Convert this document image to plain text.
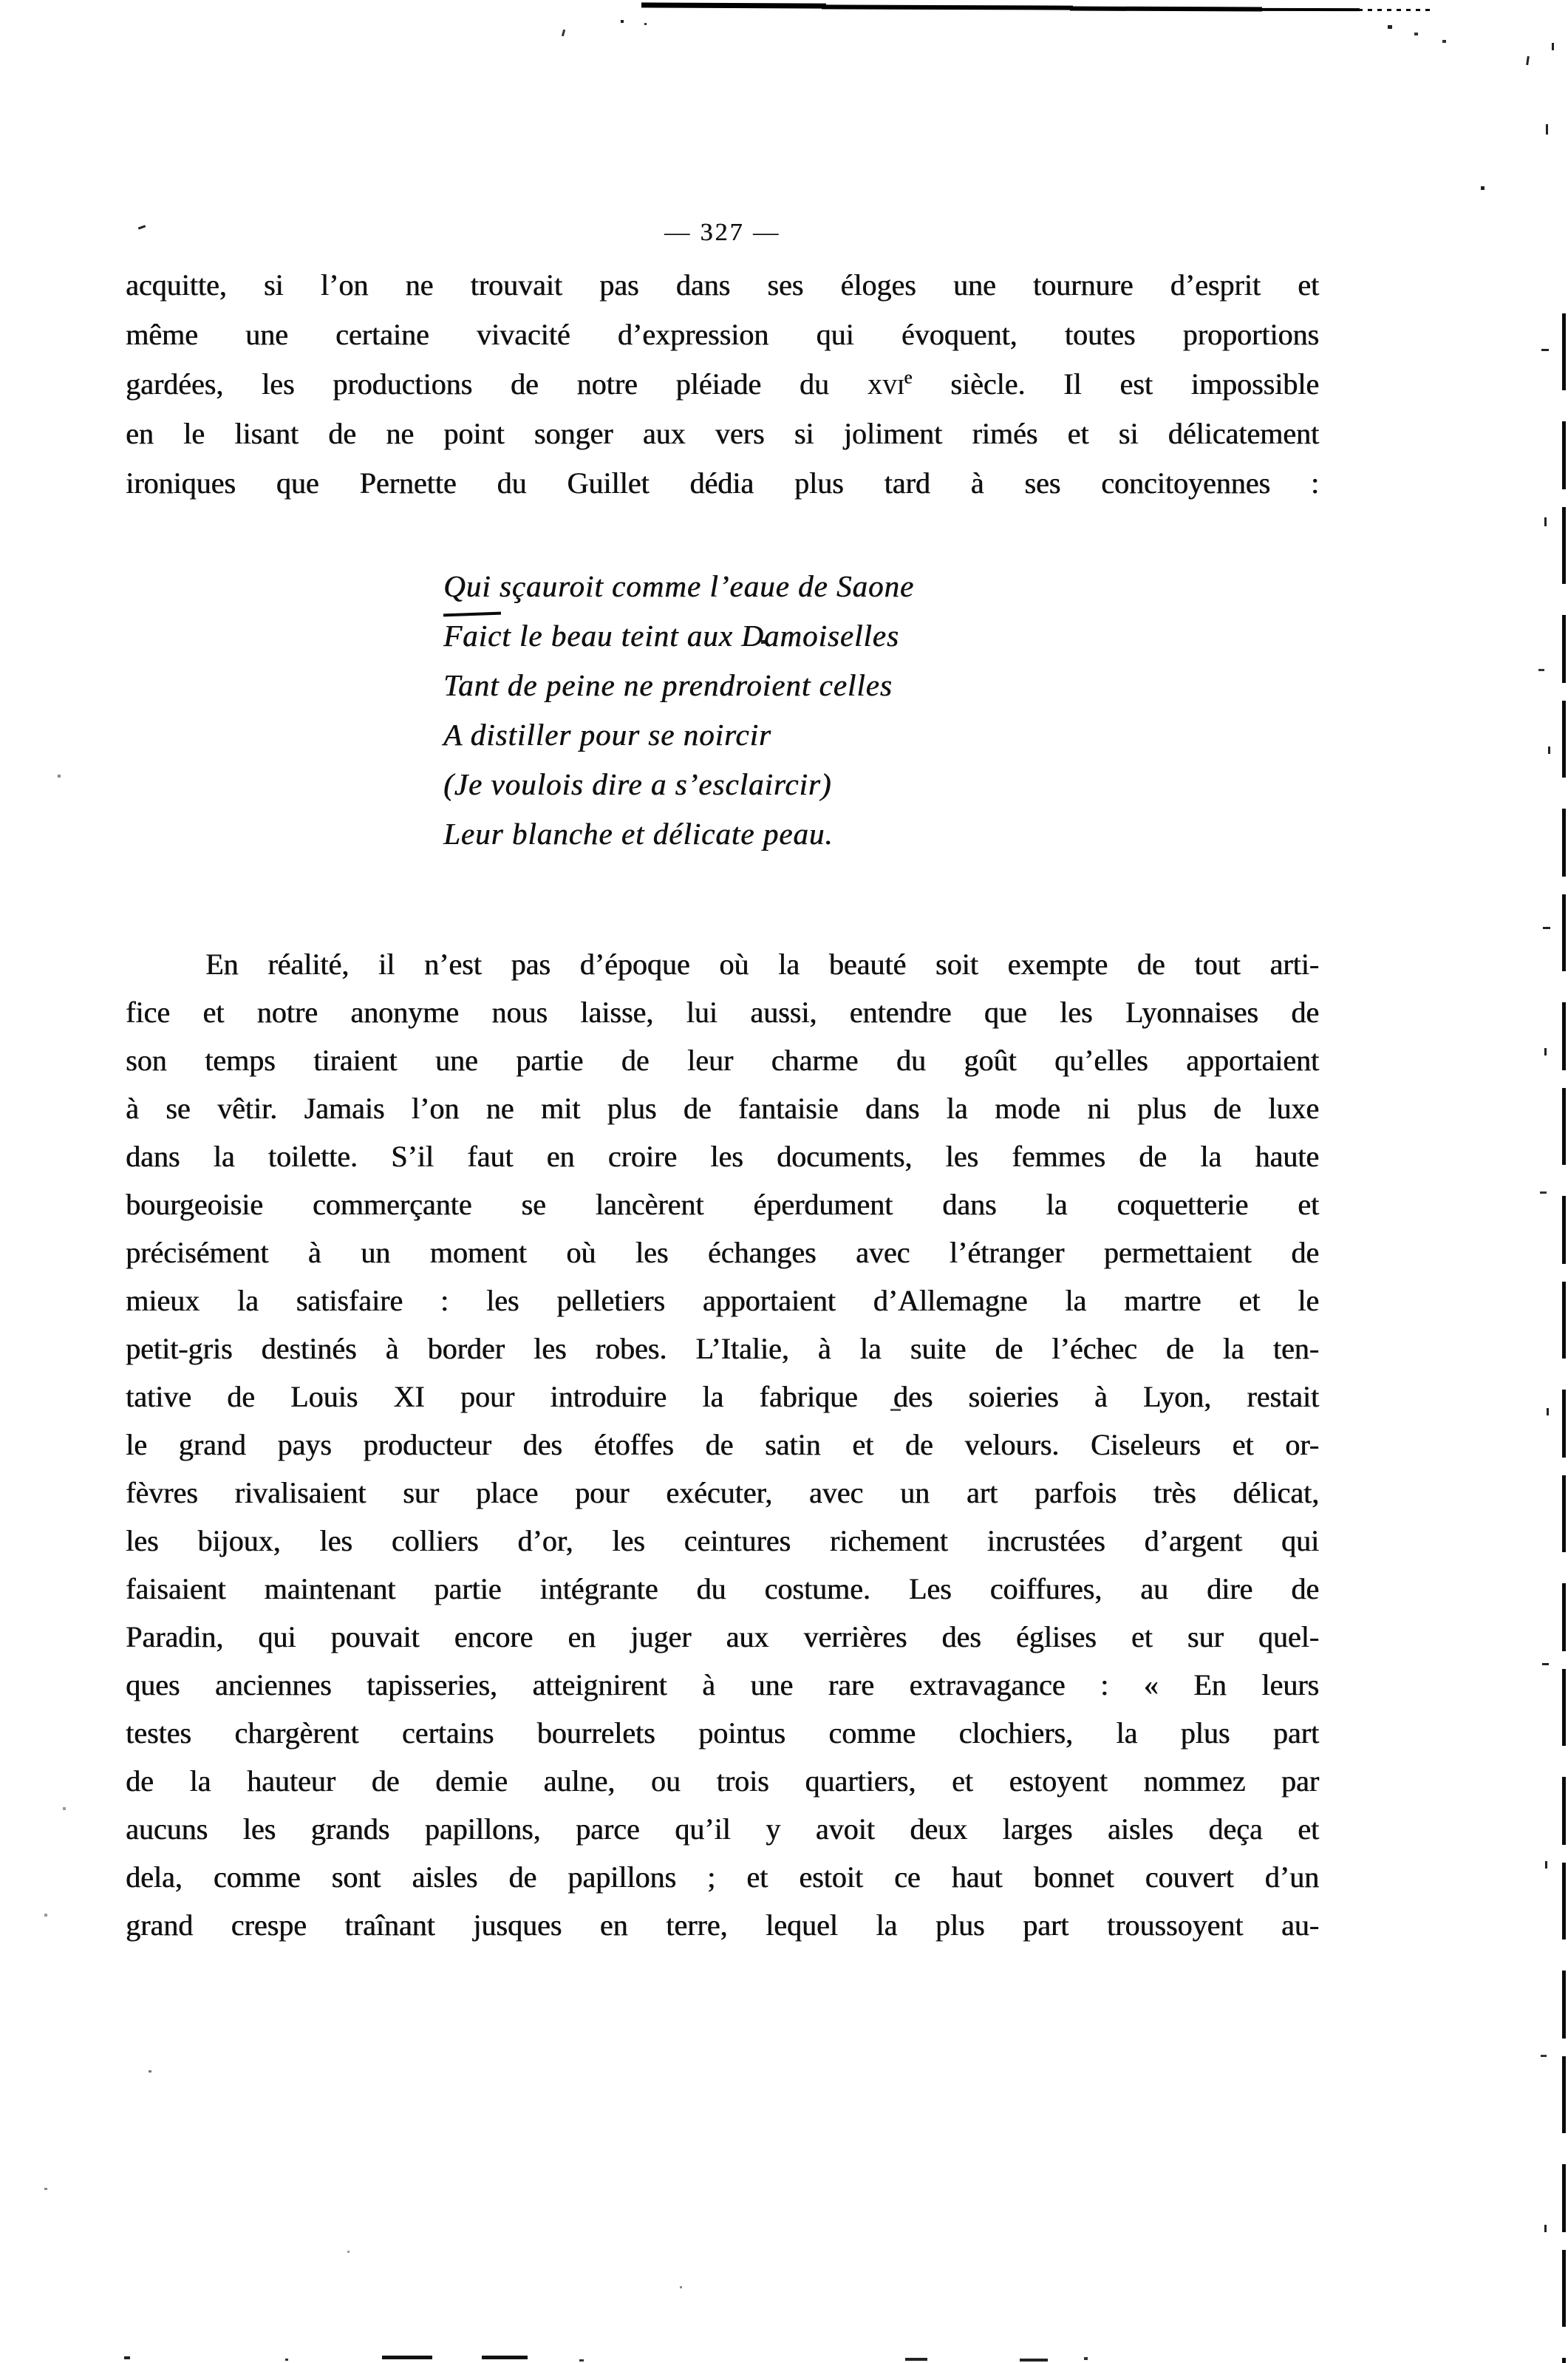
— 327 —
acquitte, si l’on ne trouvait pas dans ses éloges une tournure d’esprit et
même une certaine vivacité d’expression qui évoquent, toutes proportions
gardées, les productions de notre pléiade du xvi$^e$ siècle. Il est impossible
en le lisant de ne point songer aux vers si joliment rimés et si délicatement
ironiques que Pernette du Guillet dédia plus tard à ses concitoyennes :
Qui sçauroit comme l’eaue de Saone
Faict le beau teint aux Damoiselles
Tant de peine ne prendroient celles
A distiller pour se noircir
(Je voulois dire a s’esclaircir)
Leur blanche et délicate peau.
En réalité, il n’est pas d’époque où la beauté soit exempte de tout arti-
fice et notre anonyme nous laisse, lui aussi, entendre que les Lyonnaises de
son temps tiraient une partie de leur charme du goût qu’elles apportaient
à se vêtir. Jamais l’on ne mit plus de fantaisie dans la mode ni plus de luxe
dans la toilette. S’il faut en croire les documents, les femmes de la haute
bourgeoisie commerçante se lancèrent éperdument dans la coquetterie et
précisément à un moment où les échanges avec l’étranger permettaient de
mieux la satisfaire : les pelletiers apportaient d’Allemagne la martre et le
petit-gris destinés à border les robes. L’Italie, à la suite de l’échec de la ten-
tative de Louis XI pour introduire la fabrique des soieries à Lyon, restait
le grand pays producteur des étoffes de satin et de velours. Ciseleurs et or-
fèvres rivalisaient sur place pour exécuter, avec un art parfois très délicat,
les bijoux, les colliers d’or, les ceintures richement incrustées d’argent qui
faisaient maintenant partie intégrante du costume. Les coiffures, au dire de
Paradin, qui pouvait encore en juger aux verrières des églises et sur quel-
ques anciennes tapisseries, atteignirent à une rare extravagance : « En leurs
testes chargèrent certains bourrelets pointus comme clochiers, la plus part
de la hauteur de demie aulne, ou trois quartiers, et estoyent nommez par
aucuns les grands papillons, parce qu’il y avoit deux larges aisles deça et
dela, comme sont aisles de papillons ; et estoit ce haut bonnet couvert d’un
grand crespe traînant jusques en terre, lequel la plus part troussoyent au-
